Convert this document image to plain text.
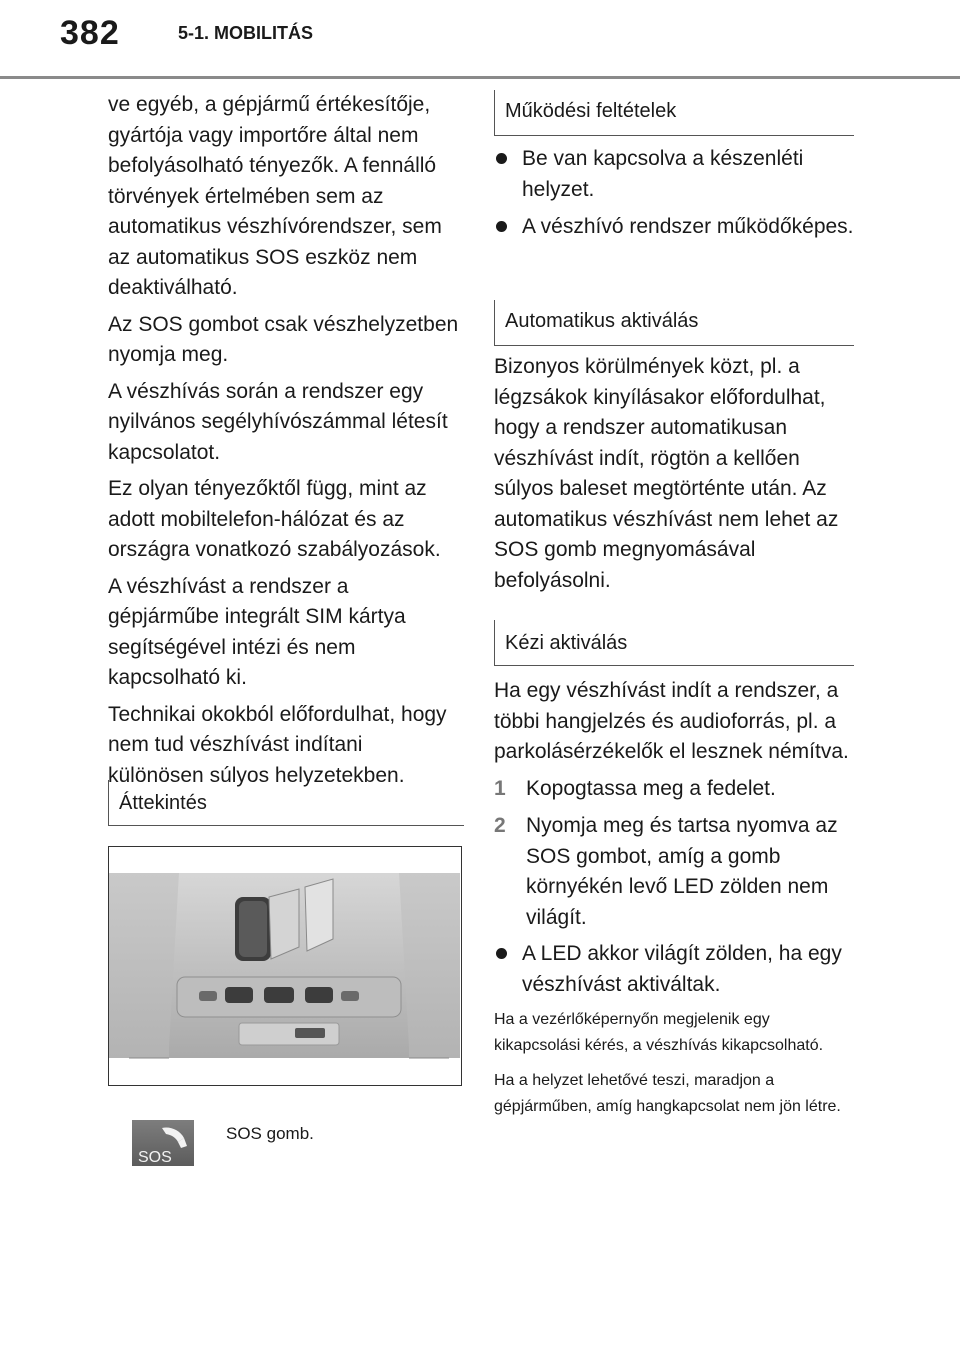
382	5-1. MOBILITÁS

ve egyéb, a gépjármű értékesítője, gyártója vagy importőre által nem befolyásolható tényezők. A fennálló törvények értelmében sem az automatikus vészhívórendszer, sem az automatikus SOS eszköz nem deaktiválható.

Az SOS gombot csak vészhelyzetben nyomja meg.

A vészhívás során a rendszer egy nyilvános segélyhívószámmal létesít kapcsolatot.

Ez olyan tényezőktől függ, mint az adott mobiltelefon-hálózat és az országra vonatkozó szabályozások.

A vészhívást a rendszer a gépjárműbe integrált SIM kártya segítségével intézi és nem kapcsolható ki.

Technikai okokból előfordulhat, hogy nem tud vészhívást indítani különösen súlyos helyzetekben.

Áttekintés
SOS
SOS gomb.
Működési feltételek
Be van kapcsolva a készenléti helyzet.
A vészhívó rendszer működőképes.
Automatikus aktiválás

Bizonyos körülmények közt, pl. a légzsákok kinyílásakor előfordulhat, hogy a rendszer automatikusan vészhívást indít, rögtön a kellően súlyos baleset megtörténte után. Az automatikus vészhívást nem lehet az SOS gomb megnyomásával befolyásolni.

Kézi aktiválás

Ha egy vészhívást indít a rendszer, a többi hangjelzés és audioforrás, pl. a parkolásérzékelők el lesznek némítva.

1 Kopogtassa meg a fedelet.
2 Nyomja meg és tartsa nyomva az SOS gombot, amíg a gomb környékén levő LED zölden nem világít.
A LED akkor világít zölden, ha egy vészhívást aktiváltak.

Ha a vezérlőképernyőn megjelenik egy kikapcsolási kérés, a vészhívás kikapcsolható.

Ha a helyzet lehetővé teszi, maradjon a gépjárműben, amíg hangkapcsolat nem jön létre.
